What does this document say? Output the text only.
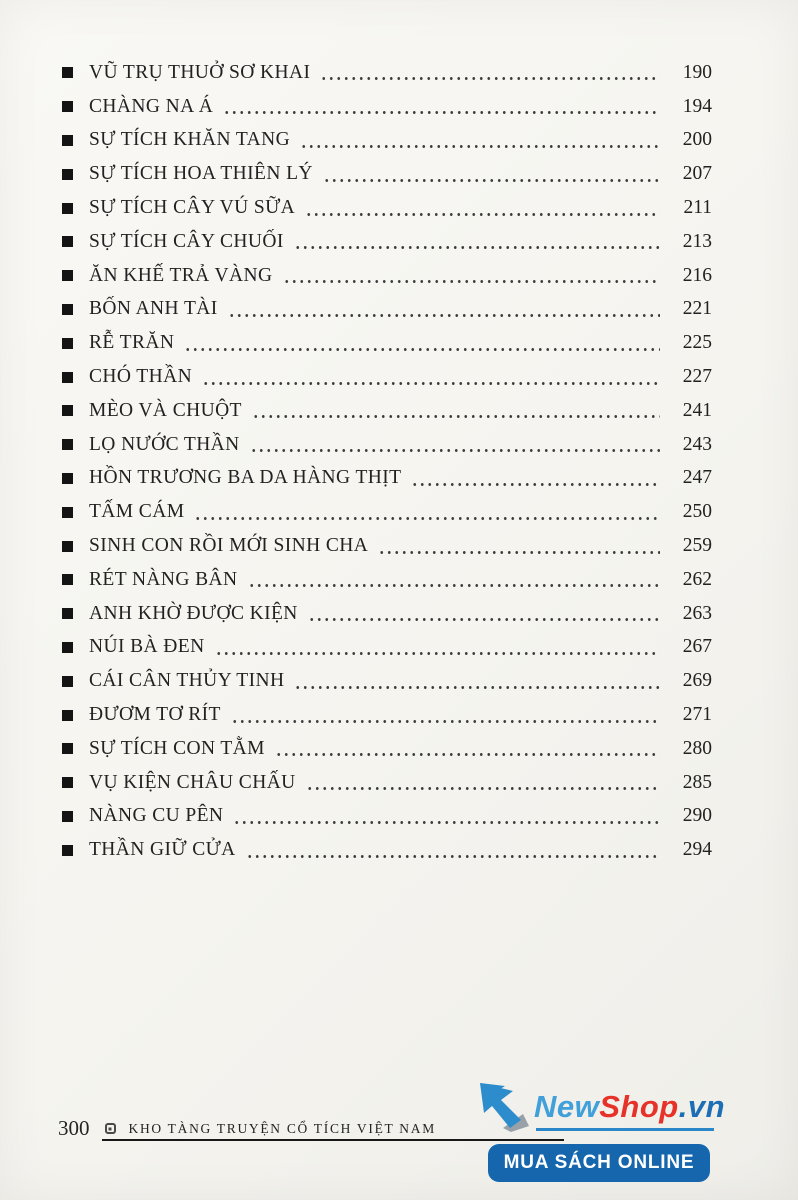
VŨ TRỤ THUỞ SƠ KHAI	190
CHÀNG NA Á	194
SỰ TÍCH KHĂN TANG	200
SỰ TÍCH HOA THIÊN LÝ	207
SỰ TÍCH CÂY VÚ SỮA	211
SỰ TÍCH CÂY CHUỐI	213
ĂN KHẾ TRẢ VÀNG	216
BỐN ANH TÀI	221
RỄ TRĂN	225
CHÓ THẦN	227
MÈO VÀ CHUỘT	241
LỌ NƯỚC THẦN	243
HỒN TRƯƠNG BA DA HÀNG THỊT	247
TẤM CÁM	250
SINH CON RỒI MỚI SINH CHA	259
RÉT NÀNG BÂN	262
ANH KHỜ ĐƯỢC KIỆN	263
NÚI BÀ ĐEN	267
CÁI CÂN THỦY TINH	269
ĐƯƠM TƠ RÍT	271
SỰ TÍCH CON TẰM	280
VỤ KIỆN CHÂU CHẤU	285
NÀNG CU PÊN	290
THẦN GIỮ CỬA	294
300	KHO TÀNG TRUYỆN CỔ TÍCH VIỆT NAM
NewShop.vn
MUA SÁCH ONLINE
